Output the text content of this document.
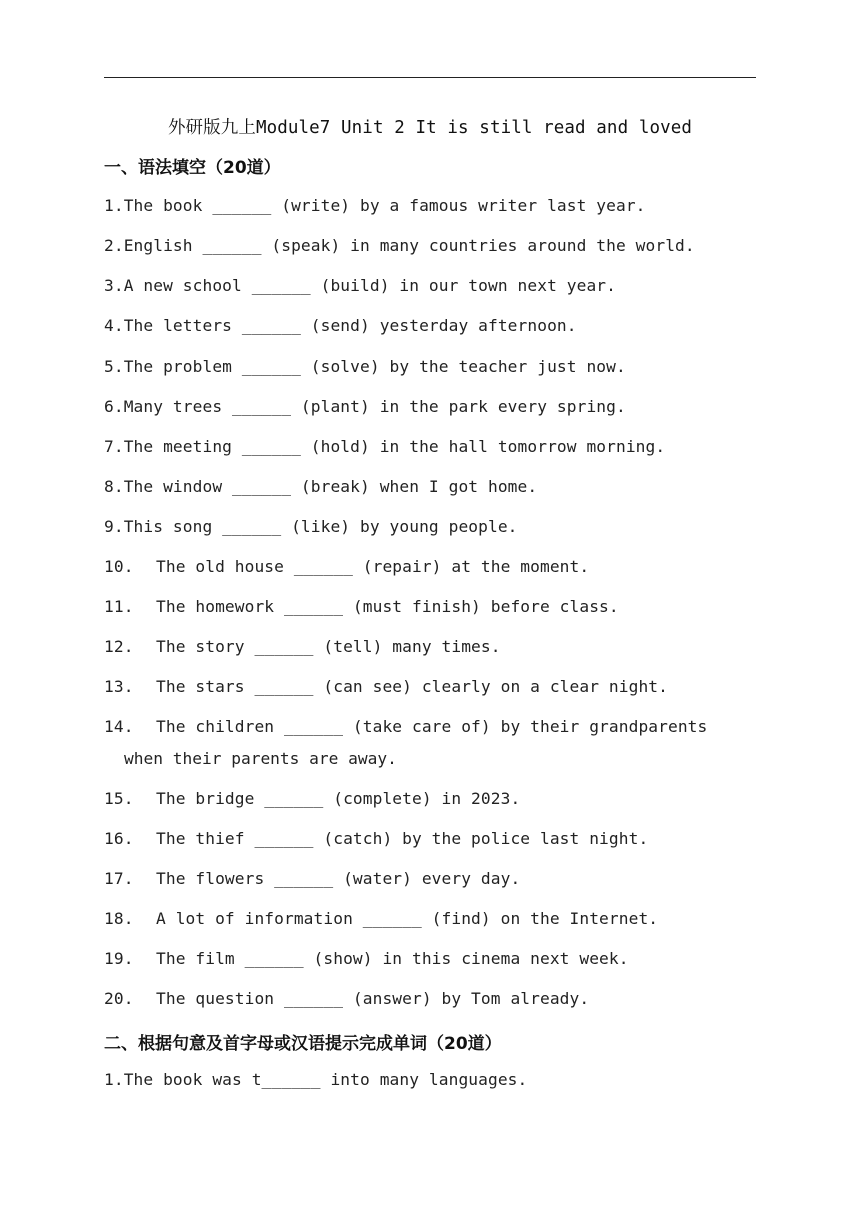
外研版九上Module7 Unit 2 It is still read and loved
一、语法填空（20道）
1.The book ______ (write) by a famous writer last year.
2.English ______ (speak) in many countries around the world.
3.A new school ______ (build) in our town next year.
4.The letters ______ (send) yesterday afternoon.
5.The problem ______ (solve) by the teacher just now.
6.Many trees ______ (plant) in the park every spring.
7.The meeting ______ (hold) in the hall tomorrow morning.
8.The window ______ (break) when I got home.
9.This song ______ (like) by young people.
10. The old house ______ (repair) at the moment.
11. The homework ______ (must finish) before class.
12. The story ______ (tell) many times.
13. The stars ______ (can see) clearly on a clear night.
14. The children ______ (take care of) by their grandparents
when their parents are away.
15. The bridge ______ (complete) in 2023.
16. The thief ______ (catch) by the police last night.
17. The flowers ______ (water) every day.
18. A lot of information ______ (find) on the Internet.
19. The film ______ (show) in this cinema next week.
20. The question ______ (answer) by Tom already.
二、根据句意及首字母或汉语提示完成单词（20道）
1.The book was t______ into many languages.
